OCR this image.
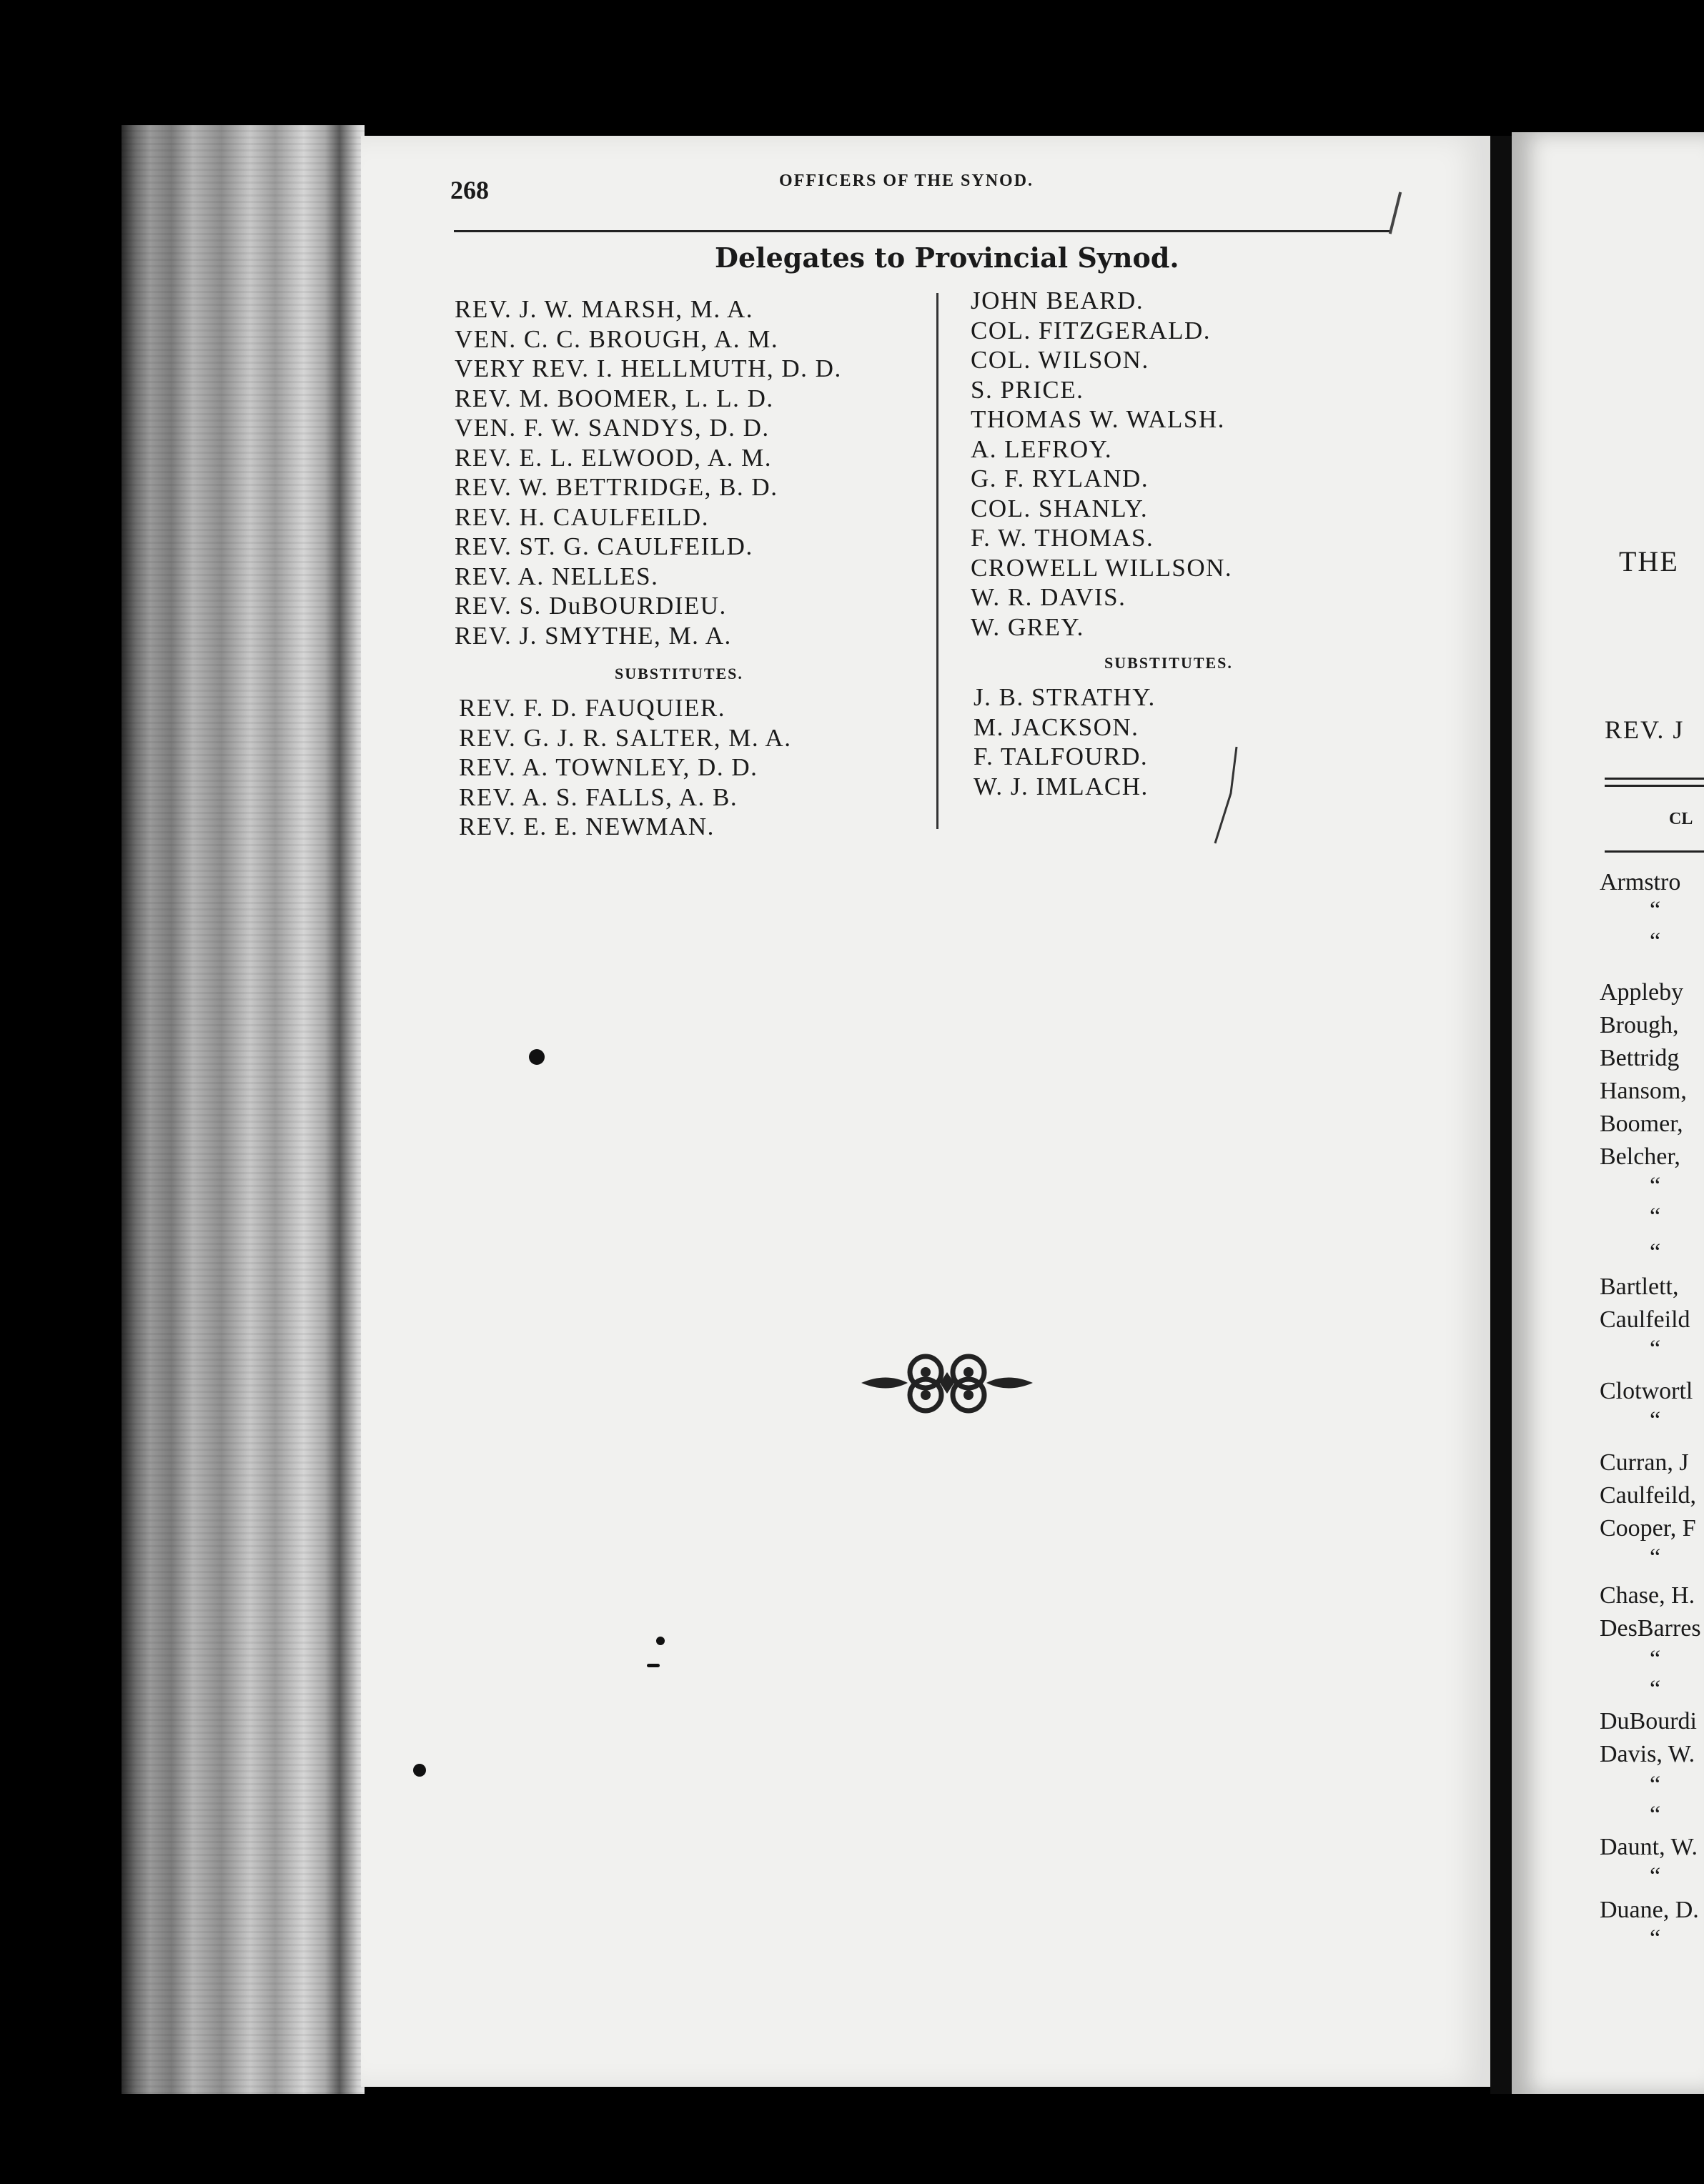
268	OFFICERS OF THE SYNOD.
Delegates to Provincial Synod.
REV. J. W. MARSH, M. A.
VEN. C. C. BROUGH, A. M.
VERY REV. I. HELLMUTH, D. D.
REV. M. BOOMER, L. L. D.
VEN. F. W. SANDYS, D. D.
REV. E. L. ELWOOD, A. M.
REV. W. BETTRIDGE, B. D.
REV. H. CAULFEILD.
REV. ST. G. CAULFEILD.
REV. A. NELLES.
REV. S. DuBOURDIEU.
REV. J. SMYTHE, M. A.
SUBSTITUTES.
REV. F. D. FAUQUIER.
REV. G. J. R. SALTER, M. A.
REV. A. TOWNLEY, D. D.
REV. A. S. FALLS, A. B.
REV. E. E. NEWMAN.
JOHN BEARD.
COL. FITZGERALD.
COL. WILSON.
S. PRICE.
THOMAS W. WALSH.
A. LEFROY.
G. F. RYLAND.
COL. SHANLY.
F. W. THOMAS.
CROWELL WILLSON.
W. R. DAVIS.
W. GREY.
SUBSTITUTES.
J. B. STRATHY.
M. JACKSON.
F. TALFOURD.
W. J. IMLACH.
THE
REV. J
CL
Armstro
“
“
Appleby
Brough,
Bettridg
Hansom,
Boomer,
Belcher,
“
“
“
Bartlett,
Caulfeild
“
Clotwortl
“
Curran, J
Caulfeild,
Cooper, F
“
Chase, H.
DesBarres
“
“
DuBourdi
Davis, W.
“
“
Daunt, W.
“
Duane, D.
“
